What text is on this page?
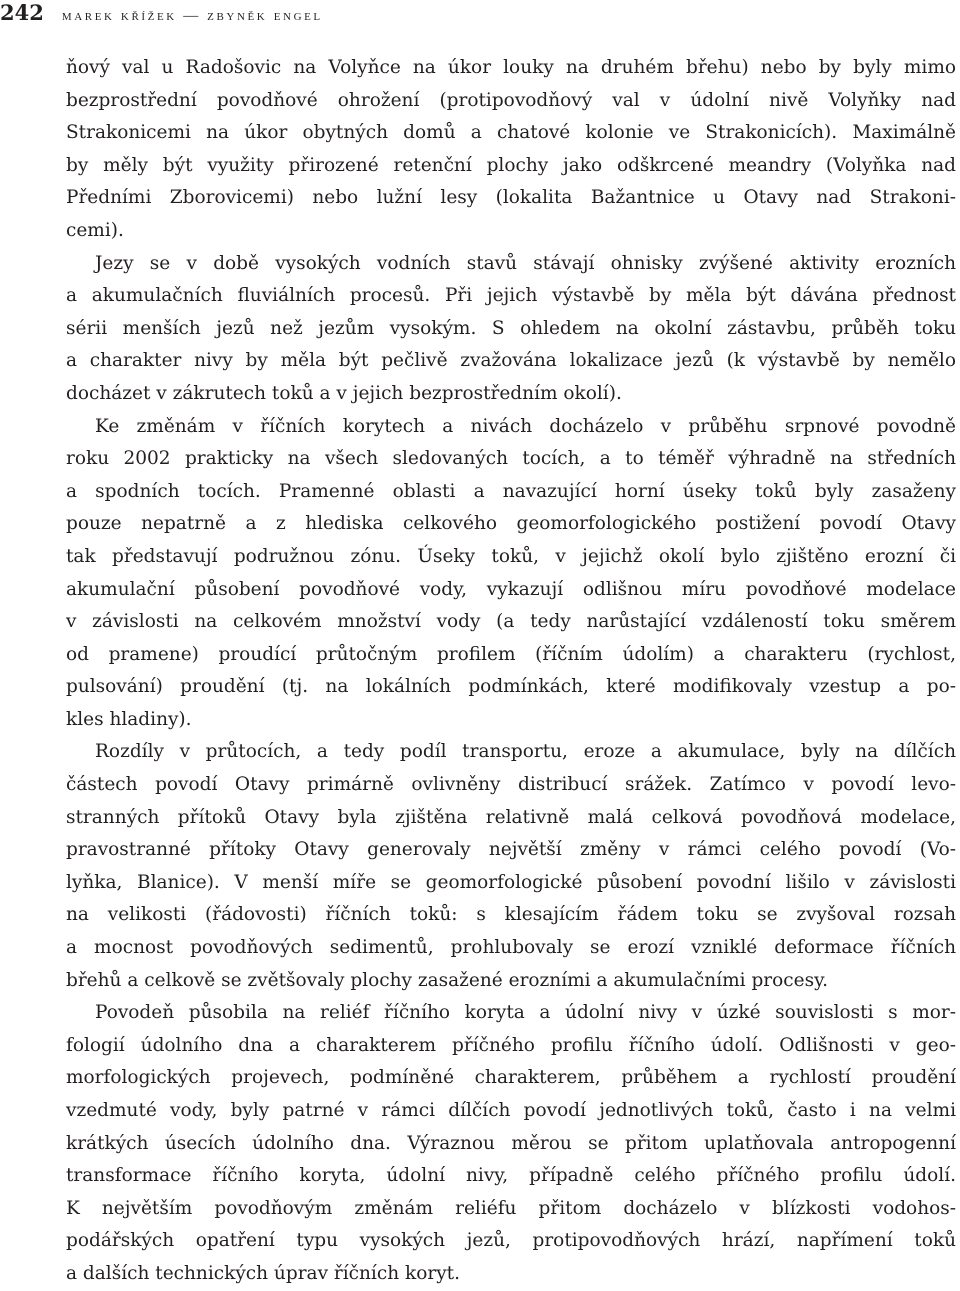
242 marek křížek — zbyněk engel
ňový val u Radošovic na Volyňce na úkor louky na druhém břehu) nebo by byly mimo
bezprostřední povodňové ohrožení (protipovodňový val v údolní nivě Volyňky nad
Strakonicemi na úkor obytných domů a chatové kolonie ve Strakonicích). Maximálně
by měly být využity přirozené retenční plochy jako odškrcené meandry (Volyňka nad
Předními Zborovicemi) nebo lužní lesy (lokalita Bažantnice u Otavy nad Strakoni-
cemi).
Jezy se v době vysokých vodních stavů stávají ohnisky zvýšené aktivity erozních
a akumulačních fluviálních procesů. Při jejich výstavbě by měla být dávána přednost
sérii menších jezů než jezům vysokým. S ohledem na okolní zástavbu, průběh toku
a charakter nivy by měla být pečlivě zvažována lokalizace jezů (k výstavbě by nemělo
docházet v zákrutech toků a v jejich bezprostředním okolí).
Ke změnám v říčních korytech a nivách docházelo v průběhu srpnové povodně
roku 2002 prakticky na všech sledovaných tocích, a to téměř výhradně na středních
a spodních tocích. Pramenné oblasti a navazující horní úseky toků byly zasaženy
pouze nepatrně a z hlediska celkového geomorfologického postižení povodí Otavy
tak představují podružnou zónu. Úseky toků, v jejichž okolí bylo zjištěno erozní či
akumulační působení povodňové vody, vykazují odlišnou míru povodňové modelace
v závislosti na celkovém množství vody (a tedy narůstající vzdáleností toku směrem
od pramene) proudící průtočným profilem (říčním údolím) a charakteru (rychlost,
pulsování) proudění (tj. na lokálních podmínkách, které modifikovaly vzestup a po-
kles hladiny).
Rozdíly v průtocích, a tedy podíl transportu, eroze a akumulace, byly na dílčích
částech povodí Otavy primárně ovlivněny distribucí srážek. Zatímco v povodí levo-
stranných přítoků Otavy byla zjištěna relativně malá celková povodňová modelace,
pravostranné přítoky Otavy generovaly největší změny v rámci celého povodí (Vo-
lyňka, Blanice). V menší míře se geomorfologické působení povodní lišilo v závislosti
na velikosti (řádovosti) říčních toků: s klesajícím řádem toku se zvyšoval rozsah
a mocnost povodňových sedimentů, prohlubovaly se erozí vzniklé deformace říčních
břehů a celkově se zvětšovaly plochy zasažené erozními a akumulačními procesy.
Povodeň působila na reliéf říčního koryta a údolní nivy v úzké souvislosti s mor-
fologií údolního dna a charakterem příčného profilu říčního údolí. Odlišnosti v geo-
morfologických projevech, podmíněné charakterem, průběhem a rychlostí proudění
vzedmuté vody, byly patrné v rámci dílčích povodí jednotlivých toků, často i na velmi
krátkých úsecích údolního dna. Výraznou měrou se přitom uplatňovala antropogenní
transformace říčního koryta, údolní nivy, případně celého příčného profilu údolí.
K největším povodňovým změnám reliéfu přitom docházelo v blízkosti vodohos-
podářských opatření typu vysokých jezů, protipovodňových hrází, napřímení toků
a dalších technických úprav říčních koryt.
